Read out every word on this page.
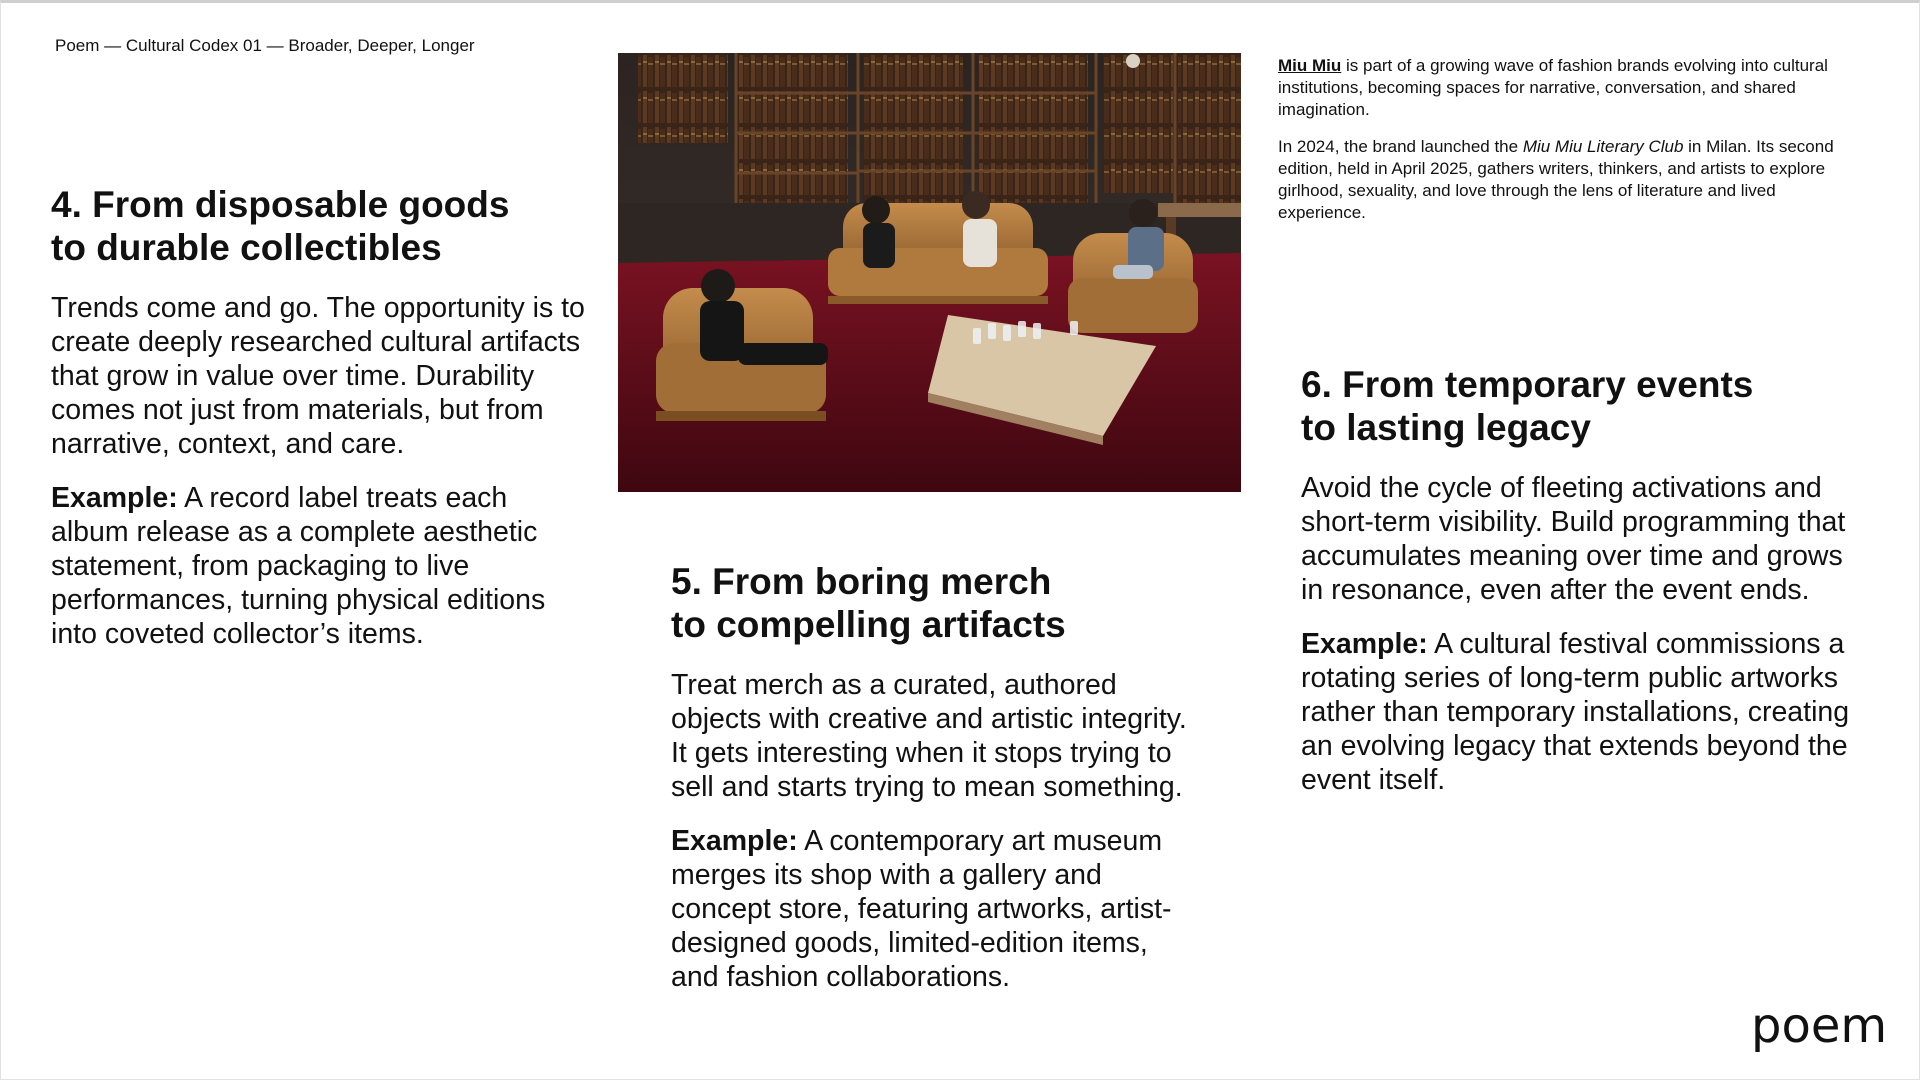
Poem — Cultural Codex 01 — Broader, Deeper, Longer
4. From disposable goods
to durable collectibles

Trends come and go. The opportunity is to create deeply researched cultural artifacts that grow in value over time. Durability comes not just from materials, but from narrative, context, and care.

Example: A record label treats each album release as a complete aesthetic statement, from packaging to live performances, turning physical editions into coveted collector’s items.

Miu Miu is part of a growing wave of fashion brands evolving into cultural institutions, becoming spaces for narrative, conversation, and shared imagination.

In 2024, the brand launched the Miu Miu Literary Club in Milan. Its second edition, held in April 2025, gathers writers, thinkers, and artists to explore girlhood, sexuality, and love through the lens of literature and lived experience.

5. From boring merch
to compelling artifacts

Treat merch as a curated, authored objects with creative and artistic integrity. It gets interesting when it stops trying to sell and starts trying to mean something.

Example: A contemporary art museum merges its shop with a gallery and concept store, featuring artworks, artist-designed goods, limited-edition items, and fashion collaborations.

6. From temporary events
to lasting legacy

Avoid the cycle of fleeting activations and short-term visibility. Build programming that accumulates meaning over time and grows in resonance, even after the event ends.

Example: A cultural festival commissions a rotating series of long-term public artworks rather than temporary installations, creating an evolving legacy that extends beyond the event itself.

poem
